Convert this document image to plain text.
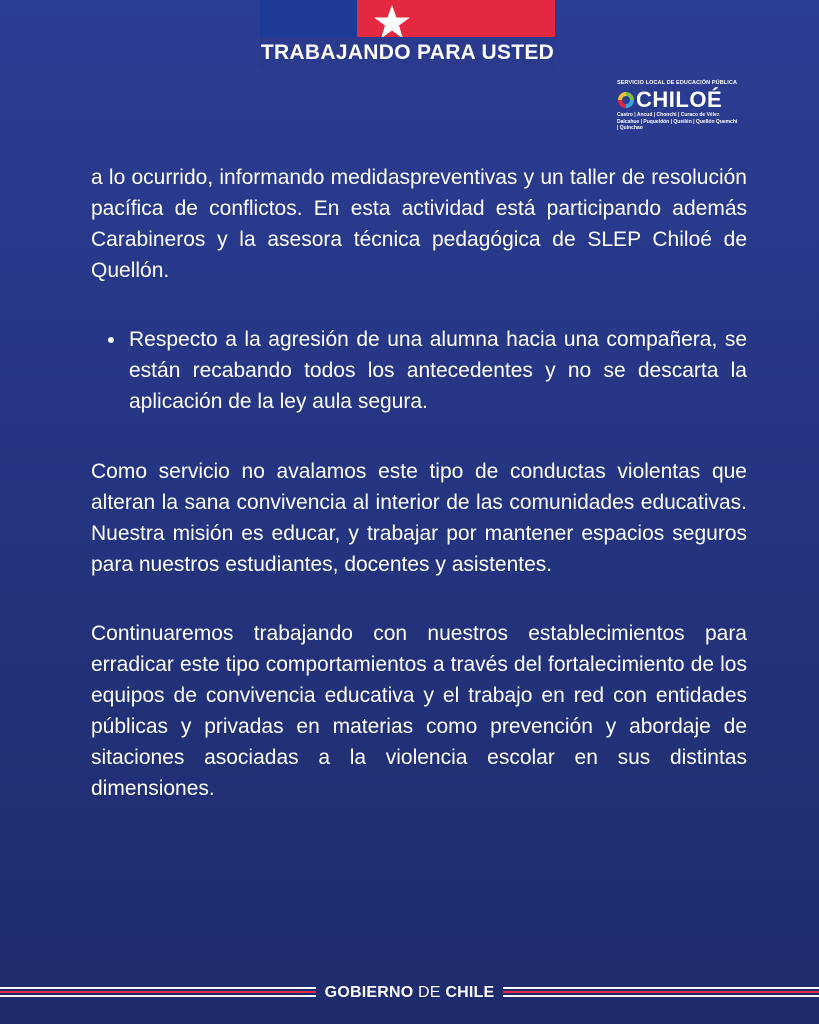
TRABAJANDO PARA USTED
SERVICIO LOCAL DE EDUCACIÓN PÚBLICA
CHILOÉ
Castro | Ancud | Chonchi | Curaco de Vélez Dalcahue | Puqueldón | Queilén | Quellón Quemchi | Quinchao

a lo ocurrido, informando medidaspreventivas y un taller de resolución pacífica de conflictos. En esta actividad está participando además Carabineros y la asesora técnica pedagógica de SLEP Chiloé de Quellón.

Respecto a la agresión de una alumna hacia una compañera, se están recabando todos los antecedentes y no se descarta la aplicación de la ley aula segura.

Como servicio no avalamos este tipo de conductas violentas que alteran la sana convivencia al interior de las comunidades educativas. Nuestra misión es educar, y trabajar por mantener espacios seguros para nuestros estudiantes, docentes y asistentes.

Continuaremos trabajando con nuestros establecimientos para erradicar este tipo comportamientos a través del fortalecimiento de los equipos de convivencia educativa y el trabajo en red con entidades públicas y privadas en materias como prevención y abordaje de sitaciones asociadas a la violencia escolar en sus distintas dimensiones.

GOBIERNO DE CHILE
